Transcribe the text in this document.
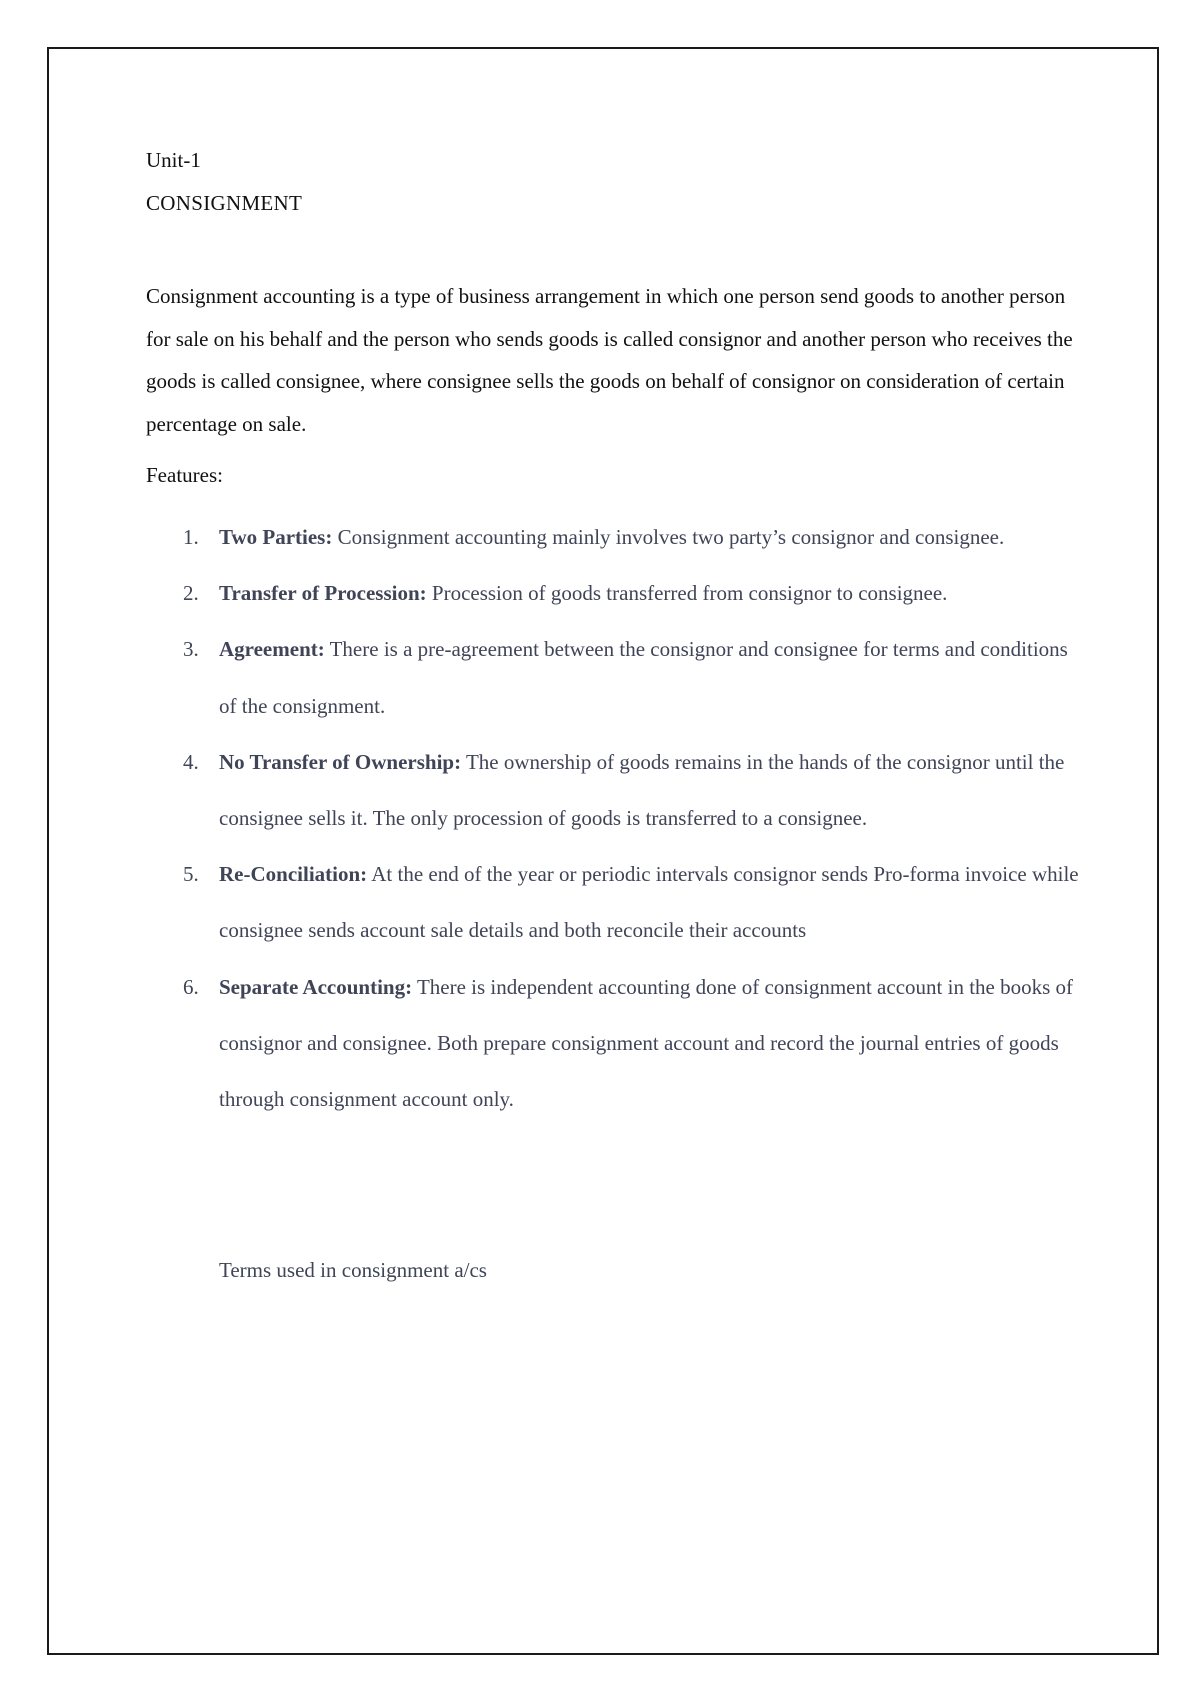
Unit-1

CONSIGNMENT

Consignment accounting is a type of business arrangement in which one person send goods to another person for sale on his behalf and the person who sends goods is called consignor and another person who receives the goods is called consignee, where consignee sells the goods on behalf of consignor on consideration of certain percentage on sale.

Features:

1. Two Parties: Consignment accounting mainly involves two party’s consignor and consignee.
2. Transfer of Procession: Procession of goods transferred from consignor to consignee.
3. Agreement: There is a pre-agreement between the consignor and consignee for terms and conditions of the consignment.
4. No Transfer of Ownership: The ownership of goods remains in the hands of the consignor until the consignee sells it. The only procession of goods is transferred to a consignee.
5. Re-Conciliation: At the end of the year or periodic intervals consignor sends Pro-forma invoice while consignee sends account sale details and both reconcile their accounts
6. Separate Accounting: There is independent accounting done of consignment account in the books of consignor and consignee. Both prepare consignment account and record the journal entries of goods through consignment account only.

Terms used in consignment a/cs
